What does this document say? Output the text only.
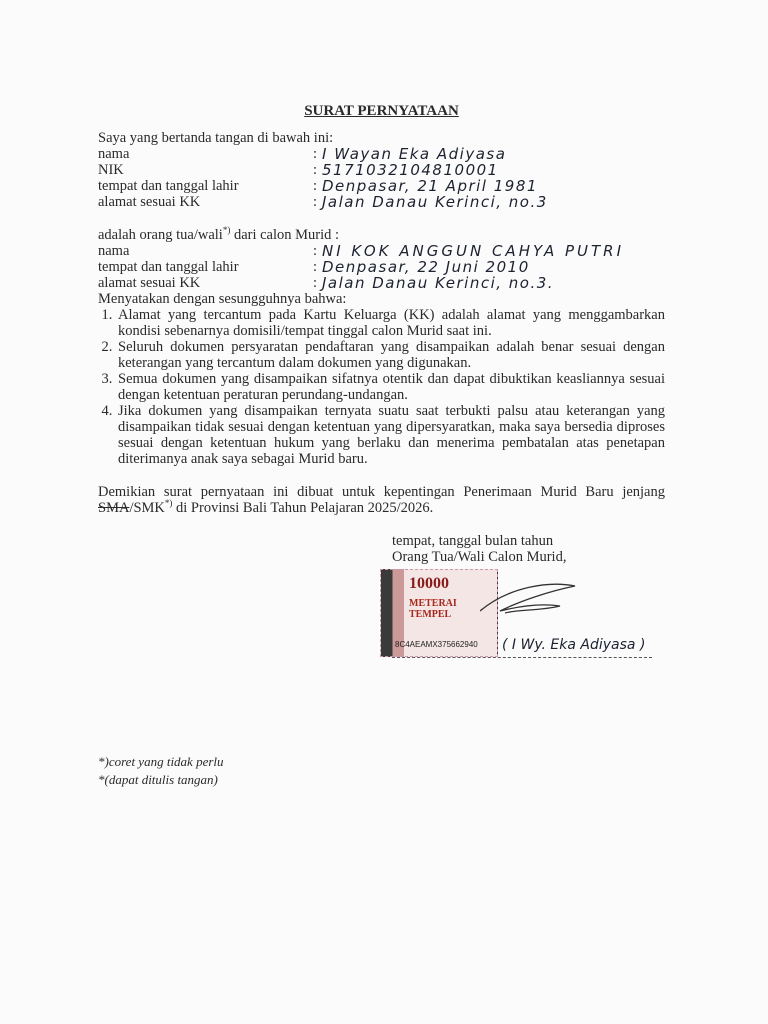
SURAT PERNYATAAN
Saya yang bertanda tangan di bawah ini:
nama	: I Wayan Eka Adiyasa
NIK	: 5171032104810001
tempat dan tanggal lahir	: Denpasar, 21 April 1981
alamat sesuai KK	: Jalan Danau Kerinci, no.3
adalah orang tua/wali*) dari calon Murid :
nama	: NI KOK ANGGUN CAHYA PUTRI
tempat dan tanggal lahir	: Denpasar, 22 Juni 2010
alamat sesuai KK	: Jalan Danau Kerinci, no.3.
Menyatakan dengan sesungguhnya bahwa:
1. Alamat yang tercantum pada Kartu Keluarga (KK) adalah alamat yang menggambarkan kondisi sebenarnya domisili/tempat tinggal calon Murid saat ini.
2. Seluruh dokumen persyaratan pendaftaran yang disampaikan adalah benar sesuai dengan keterangan yang tercantum dalam dokumen yang digunakan.
3. Semua dokumen yang disampaikan sifatnya otentik dan dapat dibuktikan keasliannya sesuai dengan ketentuan peraturan perundang-undangan.
4. Jika dokumen yang disampaikan ternyata suatu saat terbukti palsu atau keterangan yang disampaikan tidak sesuai dengan ketentuan yang dipersyaratkan, maka saya bersedia diproses sesuai dengan ketentuan hukum yang berlaku dan menerima pembatalan atas penetapan diterimanya anak saya sebagai Murid baru.
Demikian surat pernyataan ini dibuat untuk kepentingan Penerimaan Murid Baru jenjang SMA/SMK*) di Provinsi Bali Tahun Pelajaran 2025/2026.
tempat, tanggal bulan tahun
Orang Tua/Wali Calon Murid,
10000
METERAI TEMPEL
8C4AEAMX375662940 ( I Wy. Eka Adiyasa )
*)coret yang tidak perlu
*(dapat ditulis tangan)
